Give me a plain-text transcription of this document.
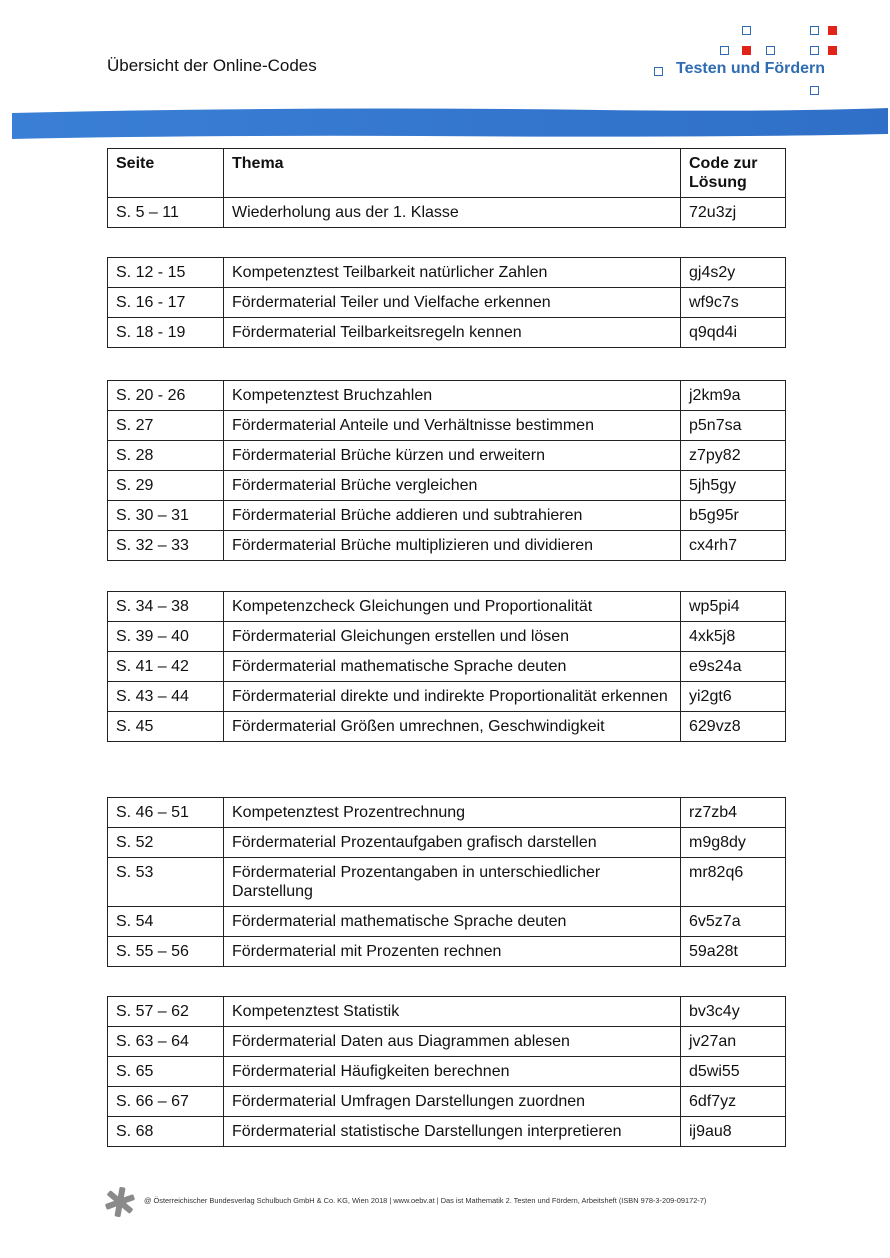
Übersicht der Online-Codes	Testen und Fördern
Seite	Thema	Code zur Lösung
S. 5 – 11	Wiederholung aus der 1. Klasse	72u3zj
S. 12 - 15	Kompetenztest Teilbarkeit natürlicher Zahlen	gj4s2y
S. 16 - 17	Fördermaterial Teiler und Vielfache erkennen	wf9c7s
S. 18 - 19	Fördermaterial Teilbarkeitsregeln kennen	q9qd4i
S. 20 - 26	Kompetenztest Bruchzahlen	j2km9a
S. 27	Fördermaterial Anteile und Verhältnisse bestimmen	p5n7sa
S. 28	Fördermaterial Brüche kürzen und erweitern	z7py82
S. 29	Fördermaterial Brüche vergleichen	5jh5gy
S. 30 – 31	Fördermaterial Brüche addieren und subtrahieren	b5g95r
S. 32 – 33	Fördermaterial Brüche multiplizieren und dividieren	cx4rh7
S. 34 – 38	Kompetenzcheck Gleichungen und Proportionalität	wp5pi4
S. 39 – 40	Fördermaterial Gleichungen erstellen und lösen	4xk5j8
S. 41 – 42	Fördermaterial mathematische Sprache deuten	e9s24a
S. 43 – 44	Fördermaterial direkte und indirekte Proportionalität erkennen	yi2gt6
S. 45	Fördermaterial Größen umrechnen, Geschwindigkeit	629vz8
S. 46 – 51	Kompetenztest Prozentrechnung	rz7zb4
S. 52	Fördermaterial Prozentaufgaben grafisch darstellen	m9g8dy
S. 53	Fördermaterial Prozentangaben in unterschiedlicher Darstellung	mr82q6
S. 54	Fördermaterial mathematische Sprache deuten	6v5z7a
S. 55 – 56	Fördermaterial mit Prozenten rechnen	59a28t
S. 57 – 62	Kompetenztest Statistik	bv3c4y
S. 63 – 64	Fördermaterial Daten aus Diagrammen ablesen	jv27an
S. 65	Fördermaterial Häufigkeiten berechnen	d5wi55
S. 66 – 67	Fördermaterial Umfragen Darstellungen zuordnen	6df7yz
S. 68	Fördermaterial statistische Darstellungen interpretieren	ij9au8
@ Österreichischer Bundesverlag Schulbuch GmbH & Co. KG, Wien 2018 | www.oebv.at | Das ist Mathematik 2. Testen und Fördern, Arbeitsheft (ISBN 978-3-209-09172-7)
